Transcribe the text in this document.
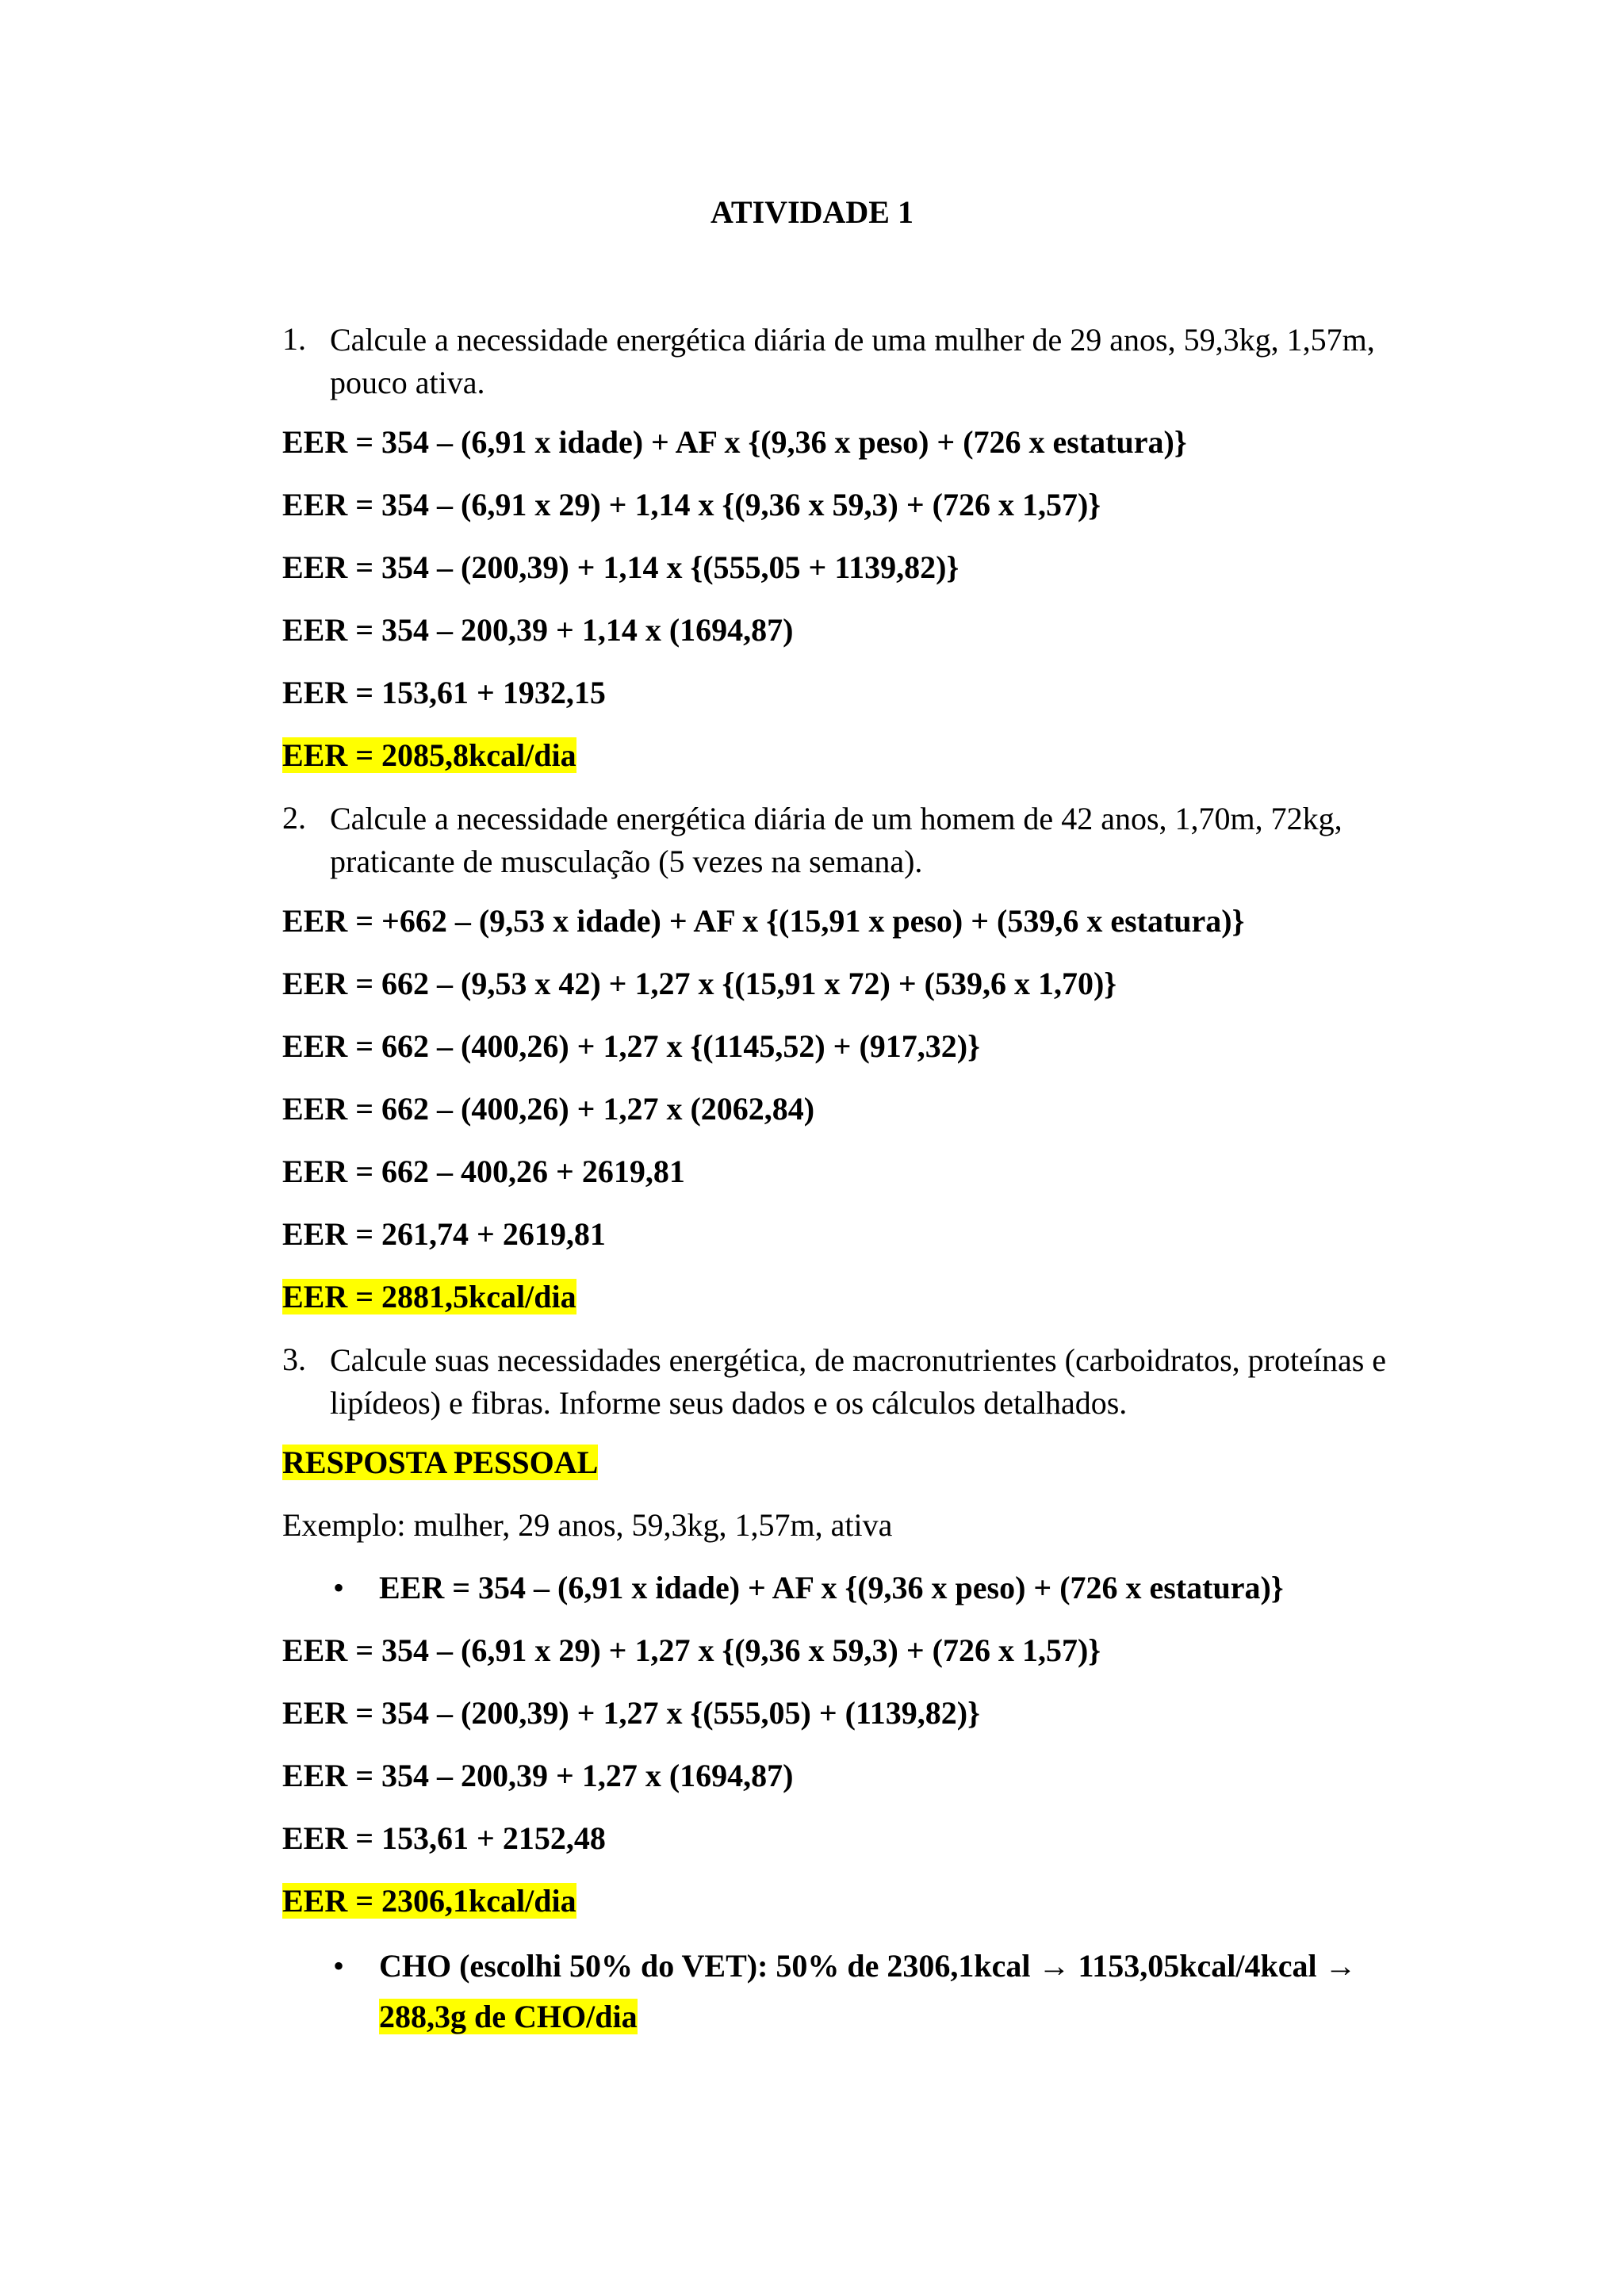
ATIVIDADE 1
1. Calcule a necessidade energética diária de uma mulher de 29 anos, 59,3kg, 1,57m, pouco ativa.
EER = 354 – (6,91 x idade) + AF x {(9,36 x peso) + (726 x estatura)}
EER = 354 – (6,91 x 29) + 1,14 x {(9,36 x 59,3) + (726 x 1,57)}
EER = 354 – (200,39) + 1,14 x {(555,05 + 1139,82)}
EER = 354 – 200,39 + 1,14 x (1694,87)
EER = 153,61 + 1932,15
EER = 2085,8kcal/dia
2. Calcule a necessidade energética diária de um homem de 42 anos, 1,70m, 72kg, praticante de musculação (5 vezes na semana).
EER = +662 – (9,53 x idade) + AF x {(15,91 x peso) + (539,6 x estatura)}
EER = 662 – (9,53 x 42) + 1,27 x {(15,91 x 72) + (539,6 x 1,70)}
EER = 662 – (400,26) + 1,27 x {(1145,52) + (917,32)}
EER = 662 – (400,26) + 1,27 x (2062,84)
EER = 662 – 400,26 + 2619,81
EER = 261,74 + 2619,81
EER = 2881,5kcal/dia
3. Calcule suas necessidades energética, de macronutrientes (carboidratos, proteínas e lipídeos) e fibras. Informe seus dados e os cálculos detalhados.
RESPOSTA PESSOAL
Exemplo: mulher, 29 anos, 59,3kg, 1,57m, ativa
• EER = 354 – (6,91 x idade) + AF x {(9,36 x peso) + (726 x estatura)}
EER = 354 – (6,91 x 29) + 1,27 x {(9,36 x 59,3) + (726 x 1,57)}
EER = 354 – (200,39) + 1,27 x {(555,05) + (1139,82)}
EER = 354 – 200,39 + 1,27 x (1694,87)
EER = 153,61 + 2152,48
EER = 2306,1kcal/dia
• CHO (escolhi 50% do VET): 50% de 2306,1kcal → 1153,05kcal/4kcal →
288,3g de CHO/dia
